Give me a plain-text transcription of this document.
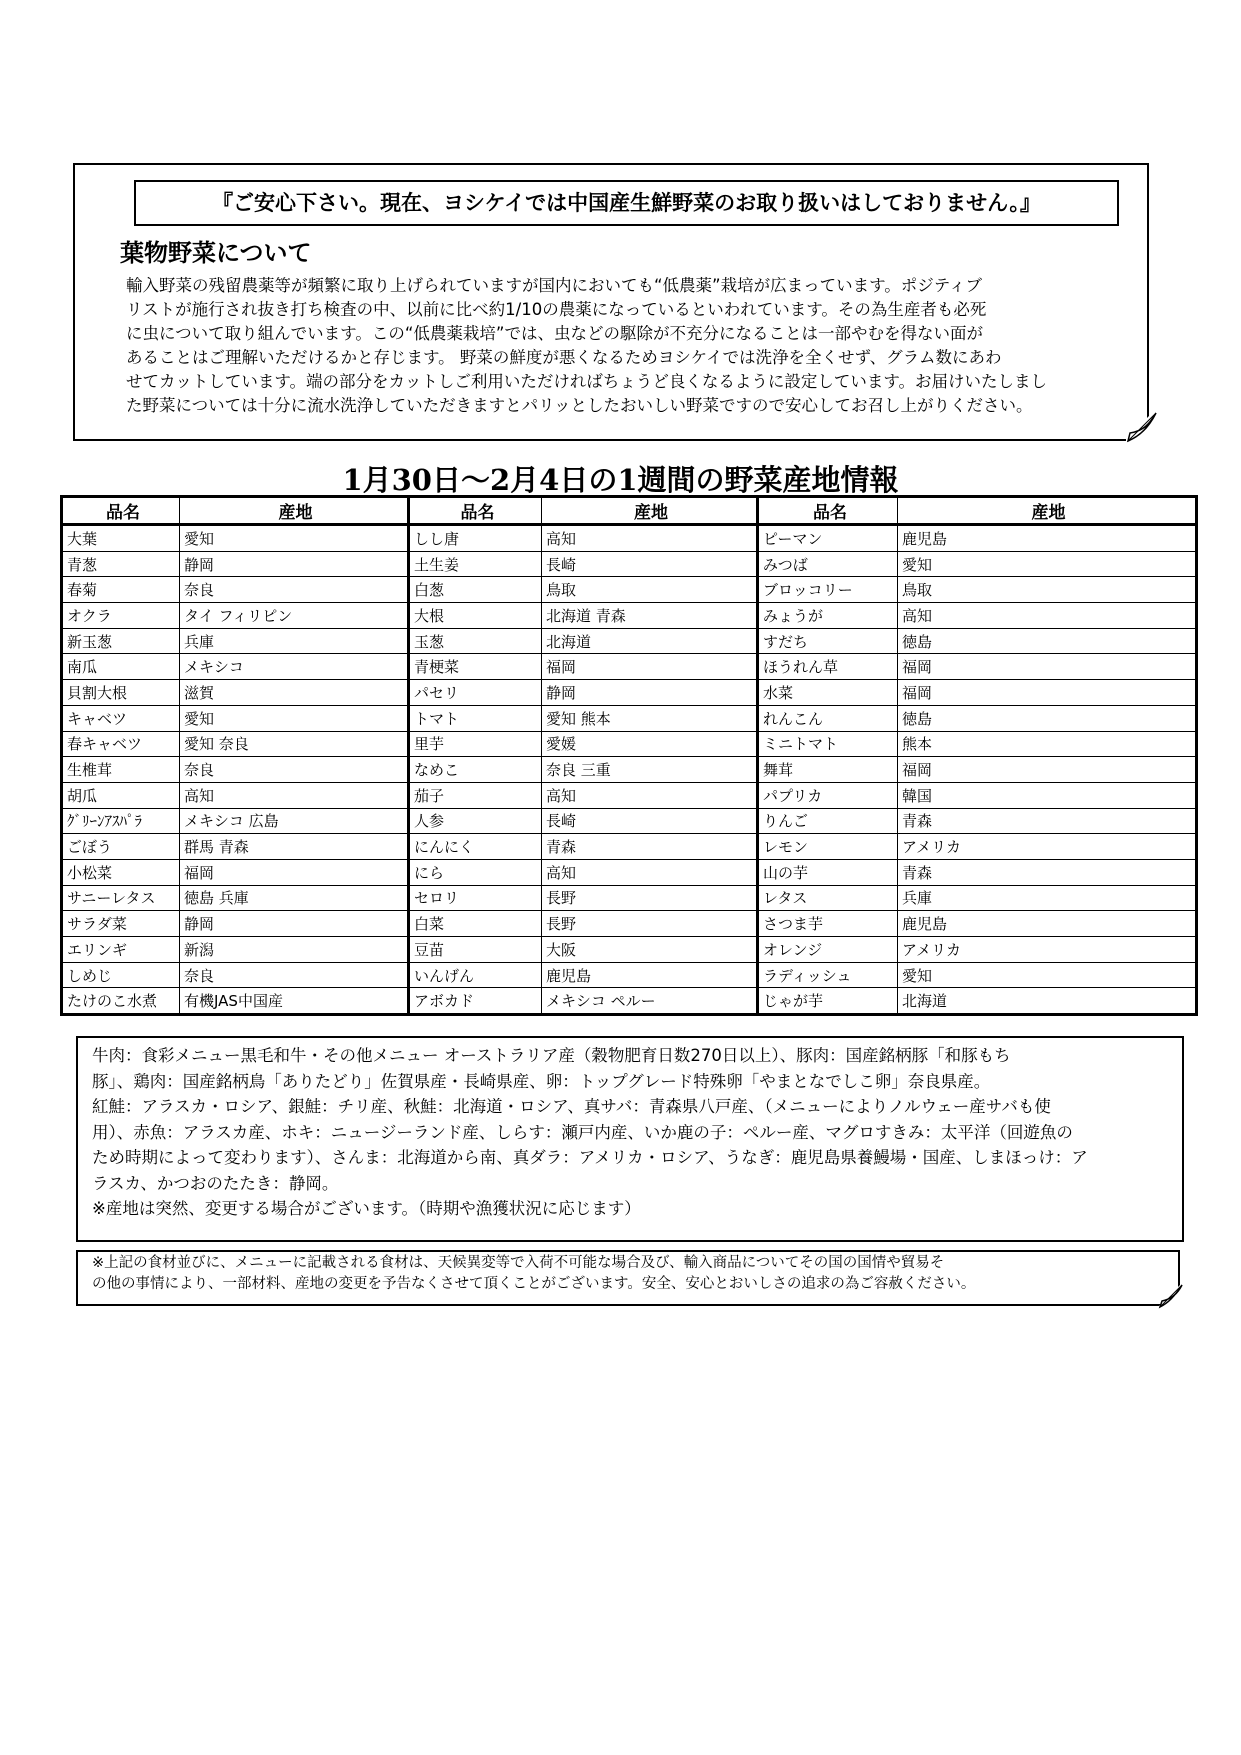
『ご安心下さい。現在、ヨシケイでは中国産生鮮野菜のお取り扱いはしておりません。』
葉物野菜について
輸入野菜の残留農薬等が頻繁に取り上げられていますが国内においても“低農薬”栽培が広まっています。ポジティブ
リストが施行され抜き打ち検査の中、以前に比べ約1/10の農薬になっているといわれています。その為生産者も必死
に虫について取り組んでいます。この“低農薬栽培”では、虫などの駆除が不充分になることは一部やむを得ない面が
あることはご理解いただけるかと存じます。 野菜の鮮度が悪くなるためヨシケイでは洗浄を全くせず、グラム数にあわ
せてカットしています。端の部分をカットしご利用いただければちょうど良くなるように設定しています。お届けいたしまし
た野菜については十分に流水洗浄していただきますとパリッとしたおいしい野菜ですので安心してお召し上がりください。
1月30日～2月4日の1週間の野菜産地情報
品名	産地	品名	産地	品名	産地
大葉	愛知	しし唐	高知	ピーマン	鹿児島
青葱	静岡	土生姜	長崎	みつば	愛知
春菊	奈良	白葱	鳥取	ブロッコリー	鳥取
オクラ	タイ フィリピン	大根	北海道 青森	みょうが	高知
新玉葱	兵庫	玉葱	北海道	すだち	徳島
南瓜	メキシコ	青梗菜	福岡	ほうれん草	福岡
貝割大根	滋賀	パセリ	静岡	水菜	福岡
キャベツ	愛知	トマト	愛知 熊本	れんこん	徳島
春キャベツ	愛知 奈良	里芋	愛媛	ミニトマト	熊本
生椎茸	奈良	なめこ	奈良 三重	舞茸	福岡
胡瓜	高知	茄子	高知	パプリカ	韓国
ｸﾞﾘｰﾝｱｽﾊﾟﾗ	メキシコ 広島	人参	長崎	りんご	青森
ごぼう	群馬 青森	にんにく	青森	レモン	アメリカ
小松菜	福岡	にら	高知	山の芋	青森
サニーレタス	徳島 兵庫	セロリ	長野	レタス	兵庫
サラダ菜	静岡	白菜	長野	さつま芋	鹿児島
エリンギ	新潟	豆苗	大阪	オレンジ	アメリカ
しめじ	奈良	いんげん	鹿児島	ラディッシュ	愛知
たけのこ水煮	有機JAS中国産	アボカド	メキシコ ペルー	じゃが芋	北海道
牛肉：食彩メニュー黒毛和牛・その他メニュー オーストラリア産（穀物肥育日数270日以上）、豚肉：国産銘柄豚「和豚もち
豚」、鶏肉：国産銘柄鳥「ありたどり」佐賀県産・長崎県産、卵：トップグレード特殊卵「やまとなでしこ卵」奈良県産。
紅鮭：アラスカ・ロシア、銀鮭：チリ産、秋鮭：北海道・ロシア、真サバ：青森県八戸産、（メニューによりノルウェー産サバも使
用）、赤魚：アラスカ産、ホキ：ニュージーランド産、しらす：瀬戸内産、いか鹿の子：ペルー産、マグロすきみ：太平洋（回遊魚の
ため時期によって変わります）、さんま：北海道から南、真ダラ：アメリカ・ロシア、うなぎ：鹿児島県養鰻場・国産、しまほっけ：ア
ラスカ、かつおのたたき：静岡。
※産地は突然、変更する場合がございます。（時期や漁獲状況に応じます）
※上記の食材並びに、メニューに記載される食材は、天候異変等で入荷不可能な場合及び、輸入商品についてその国の国情や貿易そ
の他の事情により、一部材料、産地の変更を予告なくさせて頂くことがございます。安全、安心とおいしさの追求の為ご容赦ください。
